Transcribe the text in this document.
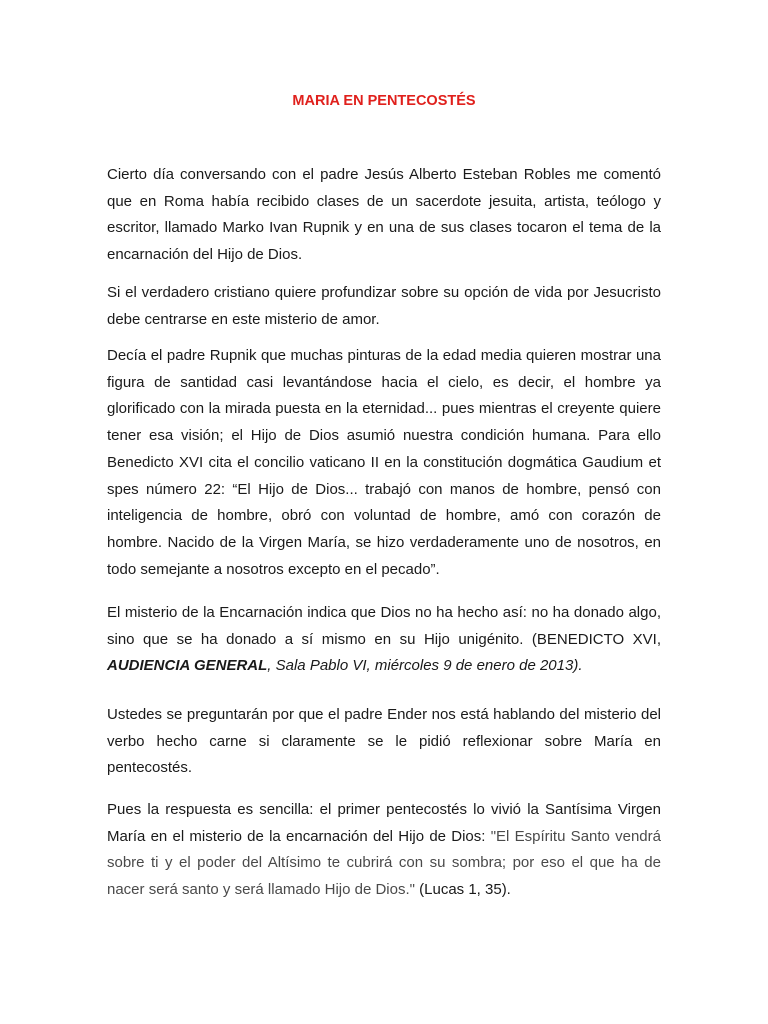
MARIA EN PENTECOSTÉS

Cierto día conversando con el padre Jesús Alberto Esteban Robles me comentó
que en Roma había recibido clases de un sacerdote jesuita, artista, teólogo y
escritor, llamado Marko Ivan Rupnik y en una de sus clases tocaron el tema de la
encarnación del Hijo de Dios.

Si el verdadero cristiano quiere profundizar sobre su opción de vida por Jesucristo
debe centrarse en este misterio de amor.

Decía el padre Rupnik que muchas pinturas de la edad media quieren mostrar una
figura de santidad casi levantándose hacia el cielo, es decir, el hombre ya
glorificado con la mirada puesta en la eternidad... pues mientras el creyente quiere
tener esa visión; el Hijo de Dios asumió nuestra condición humana. Para ello
Benedicto XVI cita el concilio vaticano II en la constitución dogmática Gaudium et
spes número 22: “El Hijo de Dios... trabajó con manos de hombre, pensó con
inteligencia de hombre, obró con voluntad de hombre, amó con corazón de
hombre. Nacido de la Virgen María, se hizo verdaderamente uno de nosotros, en
todo semejante a nosotros excepto en el pecado”.

El misterio de la Encarnación indica que Dios no ha hecho así: no ha donado algo,
sino que se ha donado a sí mismo en su Hijo unigénito. (BENEDICTO XVI,
AUDIENCIA GENERAL, Sala Pablo VI, miércoles 9 de enero de 2013).

Ustedes se preguntarán por que el padre Ender nos está hablando del misterio del
verbo hecho carne si claramente se le pidió reflexionar sobre María en
pentecostés.

Pues la respuesta es sencilla: el primer pentecostés lo vivió la Santísima Virgen
María en el misterio de la encarnación del Hijo de Dios: "El Espíritu Santo vendrá
sobre ti y el poder del Altísimo te cubrirá con su sombra; por eso el que ha de
nacer será santo y será llamado Hijo de Dios." (Lucas 1, 35).
